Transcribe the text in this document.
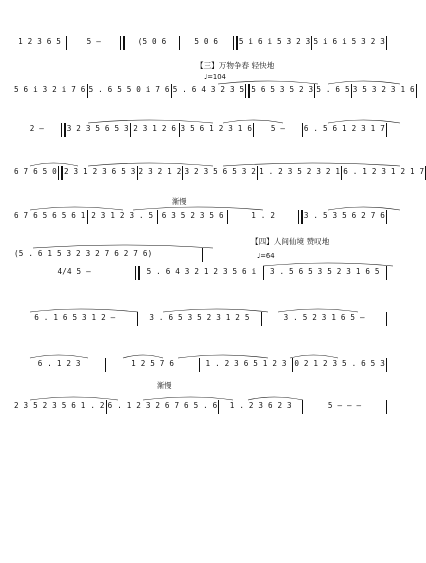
1 2 3 6 5	5 –	(5 0 6	5 0 6	5 i 6 i 5 3 2 3 5 i 6 i 5 3 2 3
【三】万物争春 轻快地
♩=104
5 6 i 3 2 i 7 6 5 . 6 5 5 0 i 7 6 5 . 6 4 3 2 3 5 5 6 5 3 5 2 3 5 . 6 5 3 5 3 2 3 1 6
2 –	3 2 3 5 6 5 3 2 3 1 2 6 3 5 6 1 2 3 1 6	5 –	6 . 5 6 1 2 3 1 7
6 7 6 5 0 2 3 1 2 3 6 5 3 2 3 2 1 2 3 2 3 5 6 5 3 2 1 . 2 3 5 2 3 2 1 6 . 1 2 3 1 2 1 7
渐慢
6 7 6 5 6 5 6 1 2 3 1 2 3 . 5	6 3 5 2 3 5 6	1 . 2	3 . 5 3 5 6 2 7 6
【四】人间仙境 赞叹地
♩=64
(5 . 6 1 5 3 2 3 2 7 6 2 7 6)
4/4 5 –	5 . 6 4 3 2 1 2 3 5 6 i	3 . 5 6 5 3 5 2 3 1 6 5
6 . 1 6 5 3 1 2 –	3 . 6 5 3 5 2 3 1 2 5	3 . 5 2 3 1 6 5 –
6 . 1 2 3	1 2 5 7 6	1 . 2 3 6 5 1 2 3	0 2 1 2 3 5 . 6 5 3
渐慢
2 3 5 2 3 5 6 1 . 2 6 . 1 2 3 2 6 7 6 5 . 6	1 . 2 3 6 2 3	5 – – –
